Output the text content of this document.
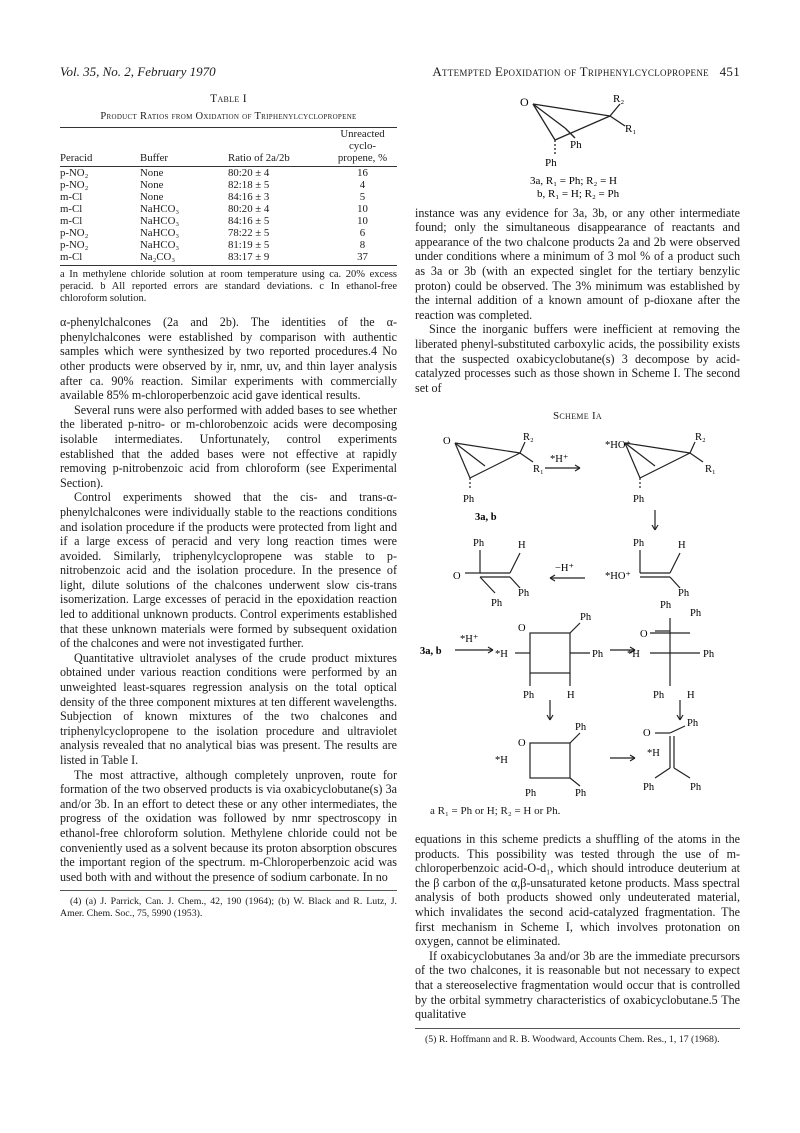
Vol. 35, No. 2, February 1970	Attempted Epoxidation of Triphenylcyclopropene 451
Table I
Product Ratios from Oxidation of Triphenylcyclopropene
			Unreacted
			cyclo-
Peracid	Buffer	Ratio of 2a/2b	propene, %
p-NO₂	None	80:20 ± 4	16
p-NO₂	None	82:18 ± 5	4
m-Cl	None	84:16 ± 3	5
m-Cl	NaHCO₃	80:20 ± 4	10
m-Cl	NaHCO₃	84:16 ± 5	10
p-NO₂	NaHCO₃	78:22 ± 5	6
p-NO₂	NaHCO₃	81:19 ± 5	8
m-Cl	Na₂CO₃	83:17 ± 9	37
a In methylene chloride solution at room temperature using ca. 20% excess peracid. b All reported errors are standard deviations. c In ethanol-free chloroform solution.

α-phenylchalcones (2a and 2b). The identities of the α-phenylchalcones were established by comparison with authentic samples which were synthesized by two reported procedures.4 No other products were observed by ir, nmr, uv, and thin layer analysis after ca. 90% reaction. Similar experiments with commercially available 85% m-chloroperbenzoic acid gave identical results.

Several runs were also performed with added bases to see whether the liberated p-nitro- or m-chlorobenzoic acids were decomposing isolable intermediates. Unfortunately, control experiments established that the added bases were not effective at rapidly removing p-nitrobenzoic acid from chloroform (see Experimental Section).

Control experiments showed that the cis- and trans-α-phenylchalcones were individually stable to the reactions conditions and isolation procedure if the products were protected from light and if a large excess of peracid and very long reaction times were avoided. Similarly, triphenylcyclopropene was stable to p-nitrobenzoic acid and the isolation procedure. In the presence of light, dilute solutions of the chalcones underwent slow cis-trans isomerization. Large excesses of peracid in the epoxidation reaction led to additional unknown products. Control experiments established that these unknown materials were formed by subsequent oxidation of the chalcones and were not investigated further.

Quantitative ultraviolet analyses of the crude product mixtures obtained under various reaction conditions were performed by an unweighted least-squares regression analysis on the total optical density of the three component mixtures at ten different wavelengths. Subjection of known mixtures of the two chalcones and triphenylcyclopropene to the isolation procedure and ultraviolet analysis revealed that no analytical bias was present. The results are listed in Table I.

The most attractive, although completely unproven, route for formation of the two observed products is via oxabicyclobutane(s) 3a and/or 3b. In an effort to detect these or any other intermediates, the progress of the oxidation was followed by nmr spectroscopy in ethanol-free chloroform solution. Methylene chloride could not be conveniently used as a solvent because its proton absorption obscures the important region of the spectrum. m-Chloroperbenzoic acid was used both with and without the presence of sodium carbonate. In no

(4) (a) J. Parrick, Can. J. Chem., 42, 190 (1964); (b) W. Black and R. Lutz, J. Amer. Chem. Soc., 75, 5990 (1953).

O	R₂
R₁
Ph
Ph
3a, R₁ = Ph; R₂ = H
b, R₁ = H; R₂ = Ph

instance was any evidence for 3a, 3b, or any other intermediate found; only the simultaneous disappearance of reactants and appearance of the two chalcone products 2a and 2b were observed under conditions where a minimum of 3 mol % of a product such as 3a or 3b (with an expected singlet for the tertiary benzylic proton) could be observed. The 3% minimum was established by the internal addition of a known amount of p-dioxane after the reaction was completed.

Since the inorganic buffers were inefficient at removing the liberated phenyl-substituted carboxylic acids, the possibility exists that the suspected oxabicyclobutane(s) 3 decompose by acid-catalyzed processes such as those shown in Scheme I. The second set of

Scheme Ia
O	R₂
R₁
Ph
3a, b
*H⁺
*HO⁺
R₂
R₁
Ph
Ph	H
O
Ph
Ph
−H⁺
Ph	H
*HO⁺
Ph
Ph
3a, b
*H⁺
O
Ph
*H	Ph
Ph	H
O
Ph
*H	Ph
Ph H
O
Ph
*H
Ph
Ph
O
Ph
*H
Ph	Ph
a R₁ = Ph or H; R₂ = H or Ph.

equations in this scheme predicts a shuffling of the atoms in the products. This possibility was tested through the use of m-chloroperbenzoic acid-O-d₁, which should introduce deuterium at the β carbon of the α,β-unsaturated ketone products. Mass spectral analysis of both products showed only undeuterated material, which invalidates the second acid-catalyzed fragmentation. The first mechanism in Scheme I, which involves protonation on oxygen, cannot be eliminated.

If oxabicyclobutanes 3a and/or 3b are the immediate precursors of the two chalcones, it is reasonable but not necessary to expect that a stereoselective fragmentation would occur that is controlled by the orbital symmetry characteristics of oxabicyclobutane.5 The qualitative

(5) R. Hoffmann and R. B. Woodward, Accounts Chem. Res., 1, 17 (1968).
